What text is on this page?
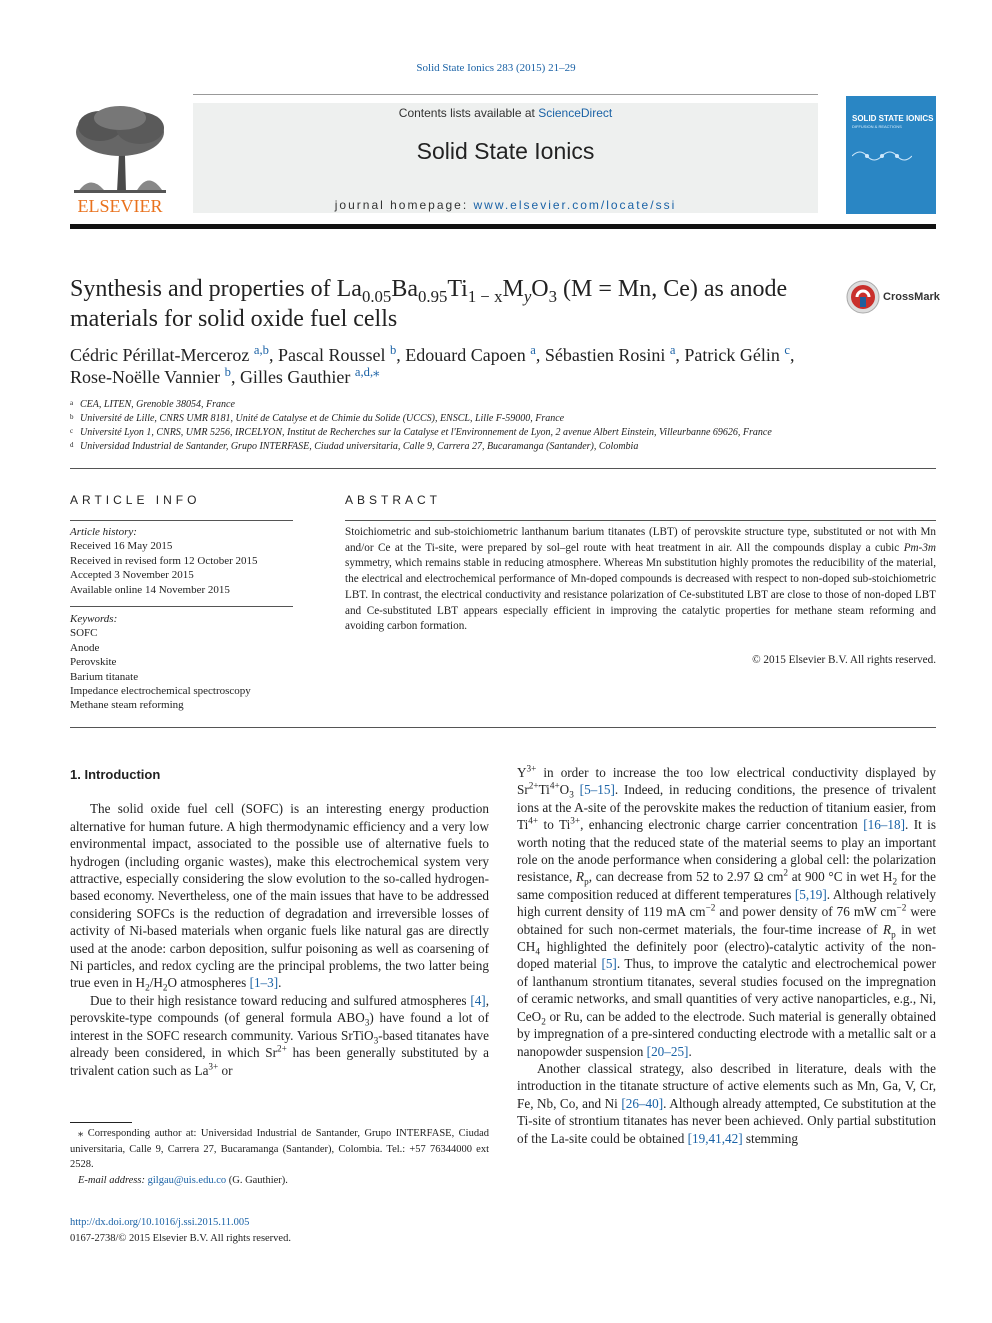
Solid State Ionics 283 (2015) 21–29
ELSEVIER
Contents lists available at ScienceDirect
Solid State Ionics
journal homepage: www.elsevier.com/locate/ssi
SOLID STATE IONICS
DIFFUSION & REACTIONS
Synthesis and properties of $La_{0.05}Ba_{0.95}Ti_{1 - x}M_yO_3$ (M = Mn, Ce) as anode
materials for solid oxide fuel cells
CrossMark
Cédric Périllat-Merceroz $^{a,b}$, Pascal Roussel $^b$, Edouard Capoen $^a$, Sébastien Rosini $^a$, Patrick Gélin $^c$,
Rose-Noëlle Vannier $^b$, Gilles Gauthier $^{a,d,⁎}$
a CEA, LITEN, Grenoble 38054, France
b Université de Lille, CNRS UMR 8181, Unité de Catalyse et de Chimie du Solide (UCCS), ENSCL, Lille F-59000, France
c Université Lyon 1, CNRS, UMR 5256, IRCELYON, Institut de Recherches sur la Catalyse et l'Environnement de Lyon, 2 avenue Albert Einstein, Villeurbanne 69626, France
d Universidad Industrial de Santander, Grupo INTERFASE, Ciudad universitaria, Calle 9, Carrera 27, Bucaramanga (Santander), Colombia
ARTICLE INFO
Article history:
Received 16 May 2015
Received in revised form 12 October 2015
Accepted 3 November 2015
Available online 14 November 2015
Keywords:
SOFC
Anode
Perovskite
Barium titanate
Impedance electrochemical spectroscopy
Methane steam reforming
ABSTRACT
Stoichiometric and sub-stoichiometric lanthanum barium titanates (LBT) of perovskite structure type, substituted or not with Mn and/or Ce at the Ti-site, were prepared by sol–gel route with heat treatment in air. All the compounds display a cubic Pm-3m symmetry, which remains stable in reducing atmosphere. Whereas Mn substitution highly promotes the reducibility of the material, the electrical and electrochemical performance of Mn-doped compounds is decreased with respect to non-doped sub-stoichiometric LBT. In contrast, the electrical conductivity and resistance polarization of Ce-substituted LBT are close to those of non-doped LBT and Ce-substituted LBT appears especially efficient in improving the catalytic properties for methane steam reforming and avoiding carbon formation.
© 2015 Elsevier B.V. All rights reserved.
1. Introduction

The solid oxide fuel cell (SOFC) is an interesting energy production alternative for human future. A high thermodynamic efficiency and a very low environmental impact, associated to the possible use of alternative fuels to hydrogen (including organic wastes), make this electrochemical system very attractive, especially considering the slow evolution to the so-called hydrogen-based economy. Nevertheless, one of the main issues that have to be addressed considering SOFCs is the reduction of degradation and irreversible losses of activity of Ni-based materials when organic fuels like natural gas are directly used at the anode: carbon deposition, sulfur poisoning as well as coarsening of Ni particles, and redox cycling are the principal problems, the two latter being true even in $H_2/H_2O$ atmospheres [1–3].

Due to their high resistance toward reducing and sulfured atmospheres [4], perovskite-type compounds (of general formula $ABO_3$) have found a lot of interest in the SOFC research community. Various SrTiO$_3$-based titanates have already been considered, in which $Sr^{2+}$ has been generally substituted by a trivalent cation such as $La^{3+}$ or

$Y^{3+}$ in order to increase the too low electrical conductivity displayed by $Sr^{2+}Ti^{4+}O_3$ [5–15]. Indeed, in reducing conditions, the presence of trivalent ions at the A-site of the perovskite makes the reduction of titanium easier, from $Ti^{4+}$ to $Ti^{3+}$, enhancing electronic charge carrier concentration [16–18]. It is worth noting that the reduced state of the material seems to play an important role on the anode performance when considering a global cell: the polarization resistance, $R_p$, can decrease from 52 to 2.97 Ω $cm^2$ at 900 °C in wet $H_2$ for the same composition reduced at different temperatures [5,19]. Although relatively high current density of 119 mA $cm^{-2}$ and power density of 76 mW $cm^{-2}$ were obtained for such non-cermet materials, the four-time increase of $R_p$ in wet $CH_4$ highlighted the definitely poor (electro)-catalytic activity of the non-doped material [5]. Thus, to improve the catalytic and electrochemical power of lanthanum strontium titanates, several studies focused on the impregnation of ceramic networks, and small quantities of very active nanoparticles, e.g., Ni, CeO$_2$ or Ru, can be added to the electrode. Such material is generally obtained by impregnation of a pre-sintered conducting electrode with a metallic salt or a nanopowder suspension [20–25].

Another classical strategy, also described in literature, deals with the introduction in the titanate structure of active elements such as Mn, Ga, V, Cr, Fe, Nb, Co, and Ni [26–40]. Although already attempted, Ce substitution at the Ti-site of strontium titanates has never been achieved. Only partial substitution of the La-site could be obtained [19,41,42] stemming

⁎ Corresponding author at: Universidad Industrial de Santander, Grupo INTERFASE, Ciudad universitaria, Calle 9, Carrera 27, Bucaramanga (Santander), Colombia. Tel.: +57 76344000 ext 2528.

E-mail address: gilgau@uis.edu.co (G. Gauthier).

http://dx.doi.org/10.1016/j.ssi.2015.11.005
0167-2738/© 2015 Elsevier B.V. All rights reserved.
